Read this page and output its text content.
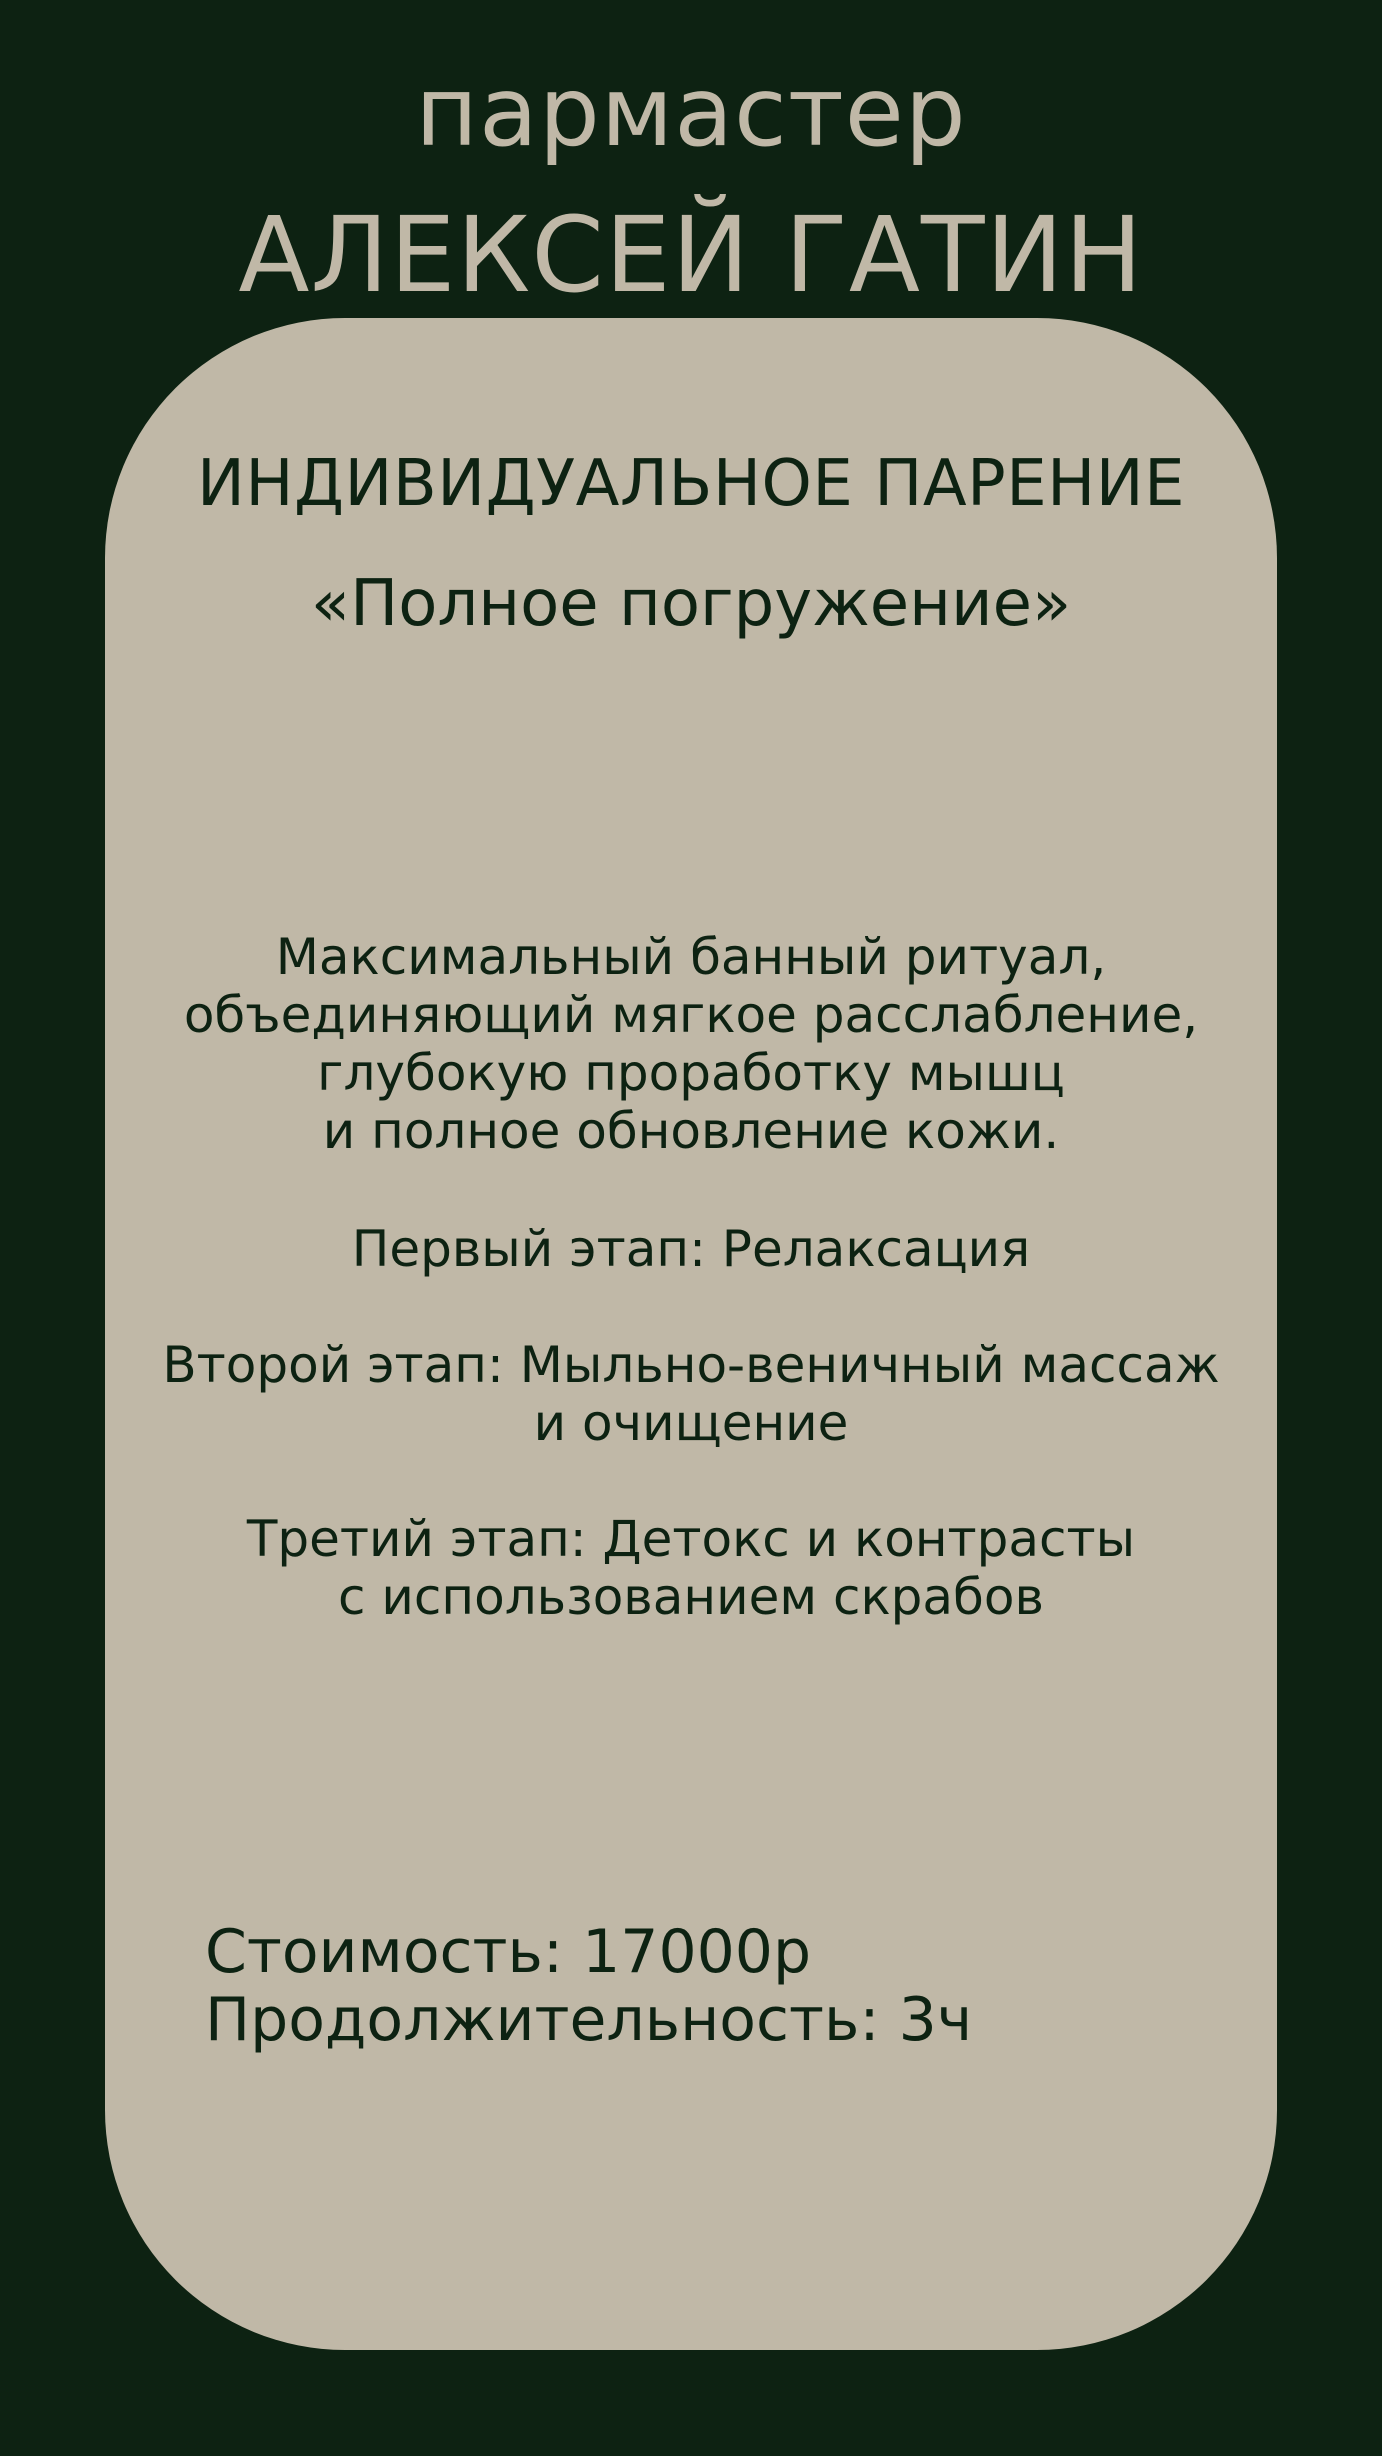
пармастер
АЛЕКСЕЙ ГАТИН
ИНДИВИДУАЛЬНОЕ ПАРЕНИЕ
«Полное погружение»
Максимальный банный ритуал,
объединяющий мягкое расслабление,
глубокую проработку мышц
и полное обновление кожи.
Первый этап: Релаксация
Второй этап: Мыльно-веничный массаж
и очищение
Третий этап: Детокс и контрасты
с использованием скрабов
Стоимость: 17000р
Продолжительность: 3ч
